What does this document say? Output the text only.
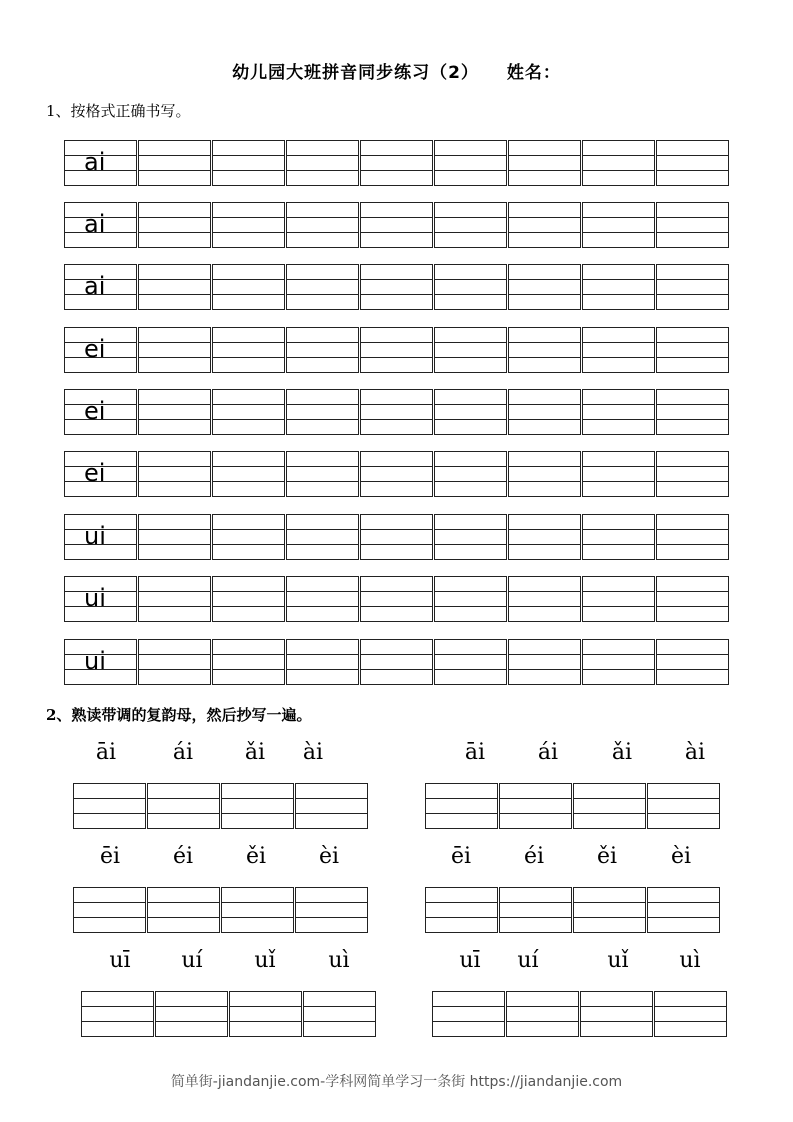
幼儿园大班拼音同步练习（2） 姓名：
1、按格式正确书写。
2、熟读带调的复韵母，然后抄写一遍。
简单街-jiandanjie.com-学科网简单学习一条街 https://jiandanjie.com
ai
ai
ai
ei
ei
ei
ui
ui
ui
āi	ái ǎi ài	āi ái ǎi ài
ēi éi ěi èi	ēi éi ěi èi
uī uí uǐ uì	uī uí	uǐ uì
